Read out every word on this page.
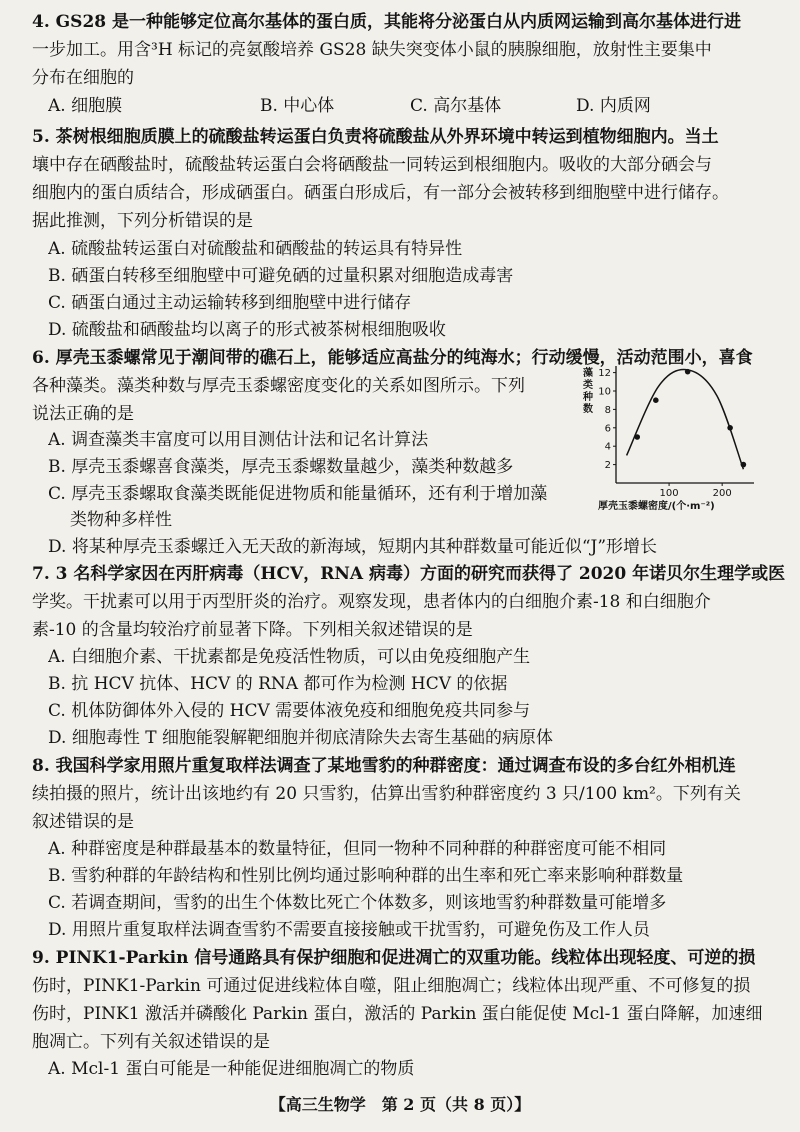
4. GS28 是一种能够定位高尔基体的蛋白质，其能将分泌蛋白从内质网运输到高尔基体进行进
一步加工。用含³H 标记的亮氨酸培养 GS28 缺失突变体小鼠的胰腺细胞，放射性主要集中
分布在细胞的
A. 细胞膜	B. 中心体	C. 高尔基体	D. 内质网
5. 茶树根细胞质膜上的硫酸盐转运蛋白负责将硫酸盐从外界环境中转运到植物细胞内。当土
壤中存在硒酸盐时，硫酸盐转运蛋白会将硒酸盐一同转运到根细胞内。吸收的大部分硒会与
细胞内的蛋白质结合，形成硒蛋白。硒蛋白形成后，有一部分会被转移到细胞壁中进行储存。
据此推测，下列分析错误的是
A. 硫酸盐转运蛋白对硫酸盐和硒酸盐的转运具有特异性
B. 硒蛋白转移至细胞壁中可避免硒的过量积累对细胞造成毒害
C. 硒蛋白通过主动运输转移到细胞壁中进行储存
D. 硫酸盐和硒酸盐均以离子的形式被茶树根细胞吸收
6. 厚壳玉黍螺常见于潮间带的礁石上，能够适应高盐分的纯海水；行动缓慢，活动范围小，喜食
各种藻类。藻类种数与厚壳玉黍螺密度变化的关系如图所示。下列
说法正确的是
A. 调查藻类丰富度可以用目测估计法和记名计算法
B. 厚壳玉黍螺喜食藻类，厚壳玉黍螺数量越少，藻类种数越多
C. 厚壳玉黍螺取食藻类既能促进物质和能量循环，还有利于增加藻
类物种多样性
D. 将某种厚壳玉黍螺迁入无天敌的新海域，短期内其种群数量可能近似“J”形增长
藻类种数
2
4
6
8
10
12
100	200
厚壳玉黍螺密度/(个·m⁻²)
7. 3 名科学家因在丙肝病毒（HCV，RNA 病毒）方面的研究而获得了 2020 年诺贝尔生理学或医
学奖。干扰素可以用于丙型肝炎的治疗。观察发现，患者体内的白细胞介素-18 和白细胞介
素-10 的含量均较治疗前显著下降。下列相关叙述错误的是
A. 白细胞介素、干扰素都是免疫活性物质，可以由免疫细胞产生
B. 抗 HCV 抗体、HCV 的 RNA 都可作为检测 HCV 的依据
C. 机体防御体外入侵的 HCV 需要体液免疫和细胞免疫共同参与
D. 细胞毒性 T 细胞能裂解靶细胞并彻底清除失去寄生基础的病原体
8. 我国科学家用照片重复取样法调查了某地雪豹的种群密度：通过调查布设的多台红外相机连
续拍摄的照片，统计出该地约有 20 只雪豹，估算出雪豹种群密度约 3 只/100 km²。下列有关
叙述错误的是
A. 种群密度是种群最基本的数量特征，但同一物种不同种群的种群密度可能不相同
B. 雪豹种群的年龄结构和性别比例均通过影响种群的出生率和死亡率来影响种群数量
C. 若调查期间，雪豹的出生个体数比死亡个体数多，则该地雪豹种群数量可能增多
D. 用照片重复取样法调查雪豹不需要直接接触或干扰雪豹，可避免伤及工作人员
9. PINK1-Parkin 信号通路具有保护细胞和促进凋亡的双重功能。线粒体出现轻度、可逆的损
伤时，PINK1-Parkin 可通过促进线粒体自噬，阻止细胞凋亡；线粒体出现严重、不可修复的损
伤时，PINK1 激活并磷酸化 Parkin 蛋白，激活的 Parkin 蛋白能促使 Mcl-1 蛋白降解，加速细
胞凋亡。下列有关叙述错误的是
A. Mcl-1 蛋白可能是一种能促进细胞凋亡的物质
【高三生物学　第 2 页（共 8 页）】
